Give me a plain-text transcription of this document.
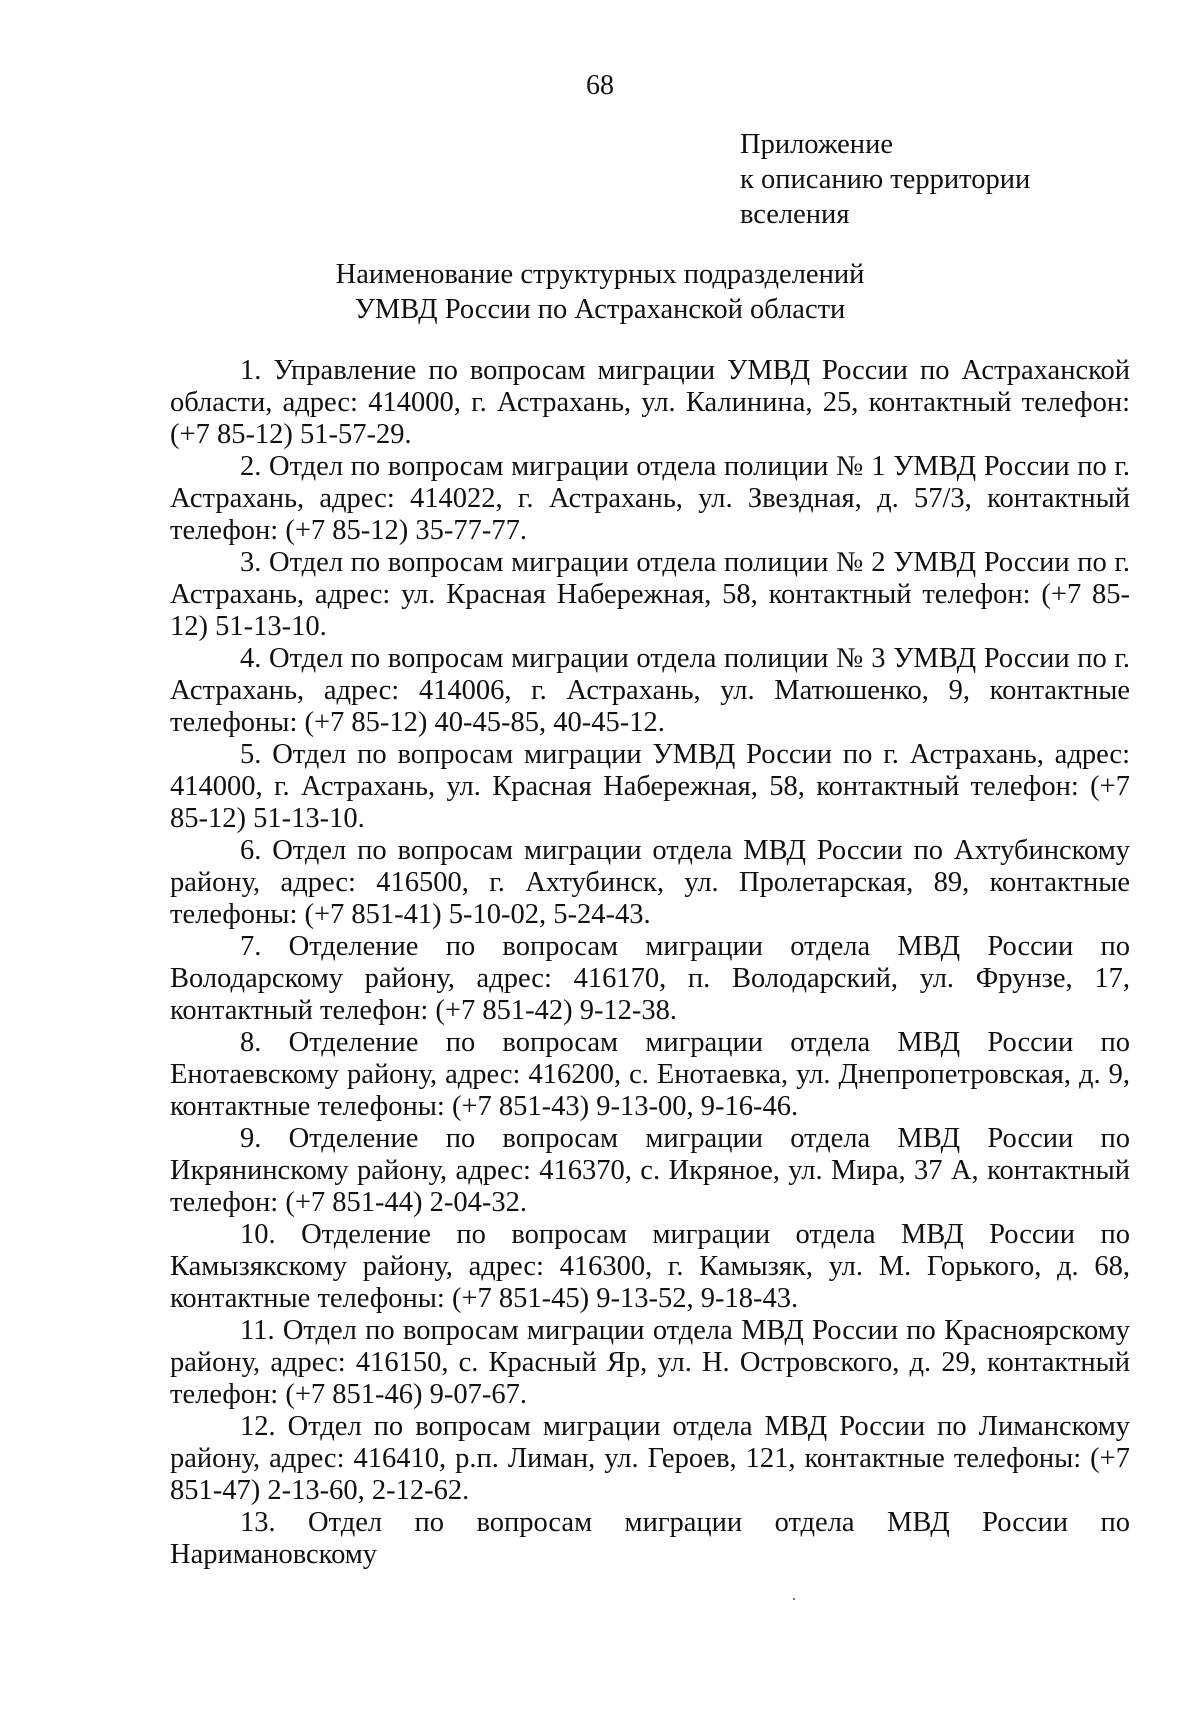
68
Приложение
к описанию территории
вселения
Наименование структурных подразделений
УМВД России по Астраханской области

1. Управление по вопросам миграции УМВД России по Астраханской области, адрес: 414000, г. Астрахань, ул. Калинина, 25, контактный телефон: (+7 85-12) 51-57-29.

2. Отдел по вопросам миграции отдела полиции № 1 УМВД России по г. Астрахань, адрес: 414022, г. Астрахань, ул. Звездная, д. 57/3, контактный телефон: (+7 85-12) 35-77-77.

3. Отдел по вопросам миграции отдела полиции № 2 УМВД России по г. Астрахань, адрес: ул. Красная Набережная, 58, контактный телефон: (+7 85-12) 51-13-10.

4. Отдел по вопросам миграции отдела полиции № 3 УМВД России по г. Астрахань, адрес: 414006, г. Астрахань, ул. Матюшенко, 9, контактные телефоны: (+7 85-12) 40-45-85, 40-45-12.

5. Отдел по вопросам миграции УМВД России по г. Астрахань, адрес: 414000, г. Астрахань, ул. Красная Набережная, 58, контактный телефон: (+7 85-12) 51-13-10.

6. Отдел по вопросам миграции отдела МВД России по Ахтубинскому району, адрес: 416500, г. Ахтубинск, ул. Пролетарская, 89, контактные телефоны: (+7 851-41) 5-10-02, 5-24-43.

7. Отделение по вопросам миграции отдела МВД России по Володарскому району, адрес: 416170, п. Володарский, ул. Фрунзе, 17, контактный телефон: (+7 851-42) 9-12-38.

8. Отделение по вопросам миграции отдела МВД России по Енотаевскому району, адрес: 416200, с. Енотаевка, ул. Днепропетровская, д. 9, контактные телефоны: (+7 851-43) 9-13-00, 9-16-46.

9. Отделение по вопросам миграции отдела МВД России по Икрянинскому району, адрес: 416370, с. Икряное, ул. Мира, 37 А, контактный телефон: (+7 851-44) 2-04-32.

10. Отделение по вопросам миграции отдела МВД России по Камызякскому району, адрес: 416300, г. Камызяк, ул. М. Горького, д. 68, контактные телефоны: (+7 851-45) 9-13-52, 9-18-43.

11. Отдел по вопросам миграции отдела МВД России по Красноярскому району, адрес: 416150, с. Красный Яр, ул. Н. Островского, д. 29, контактный телефон: (+7 851-46) 9-07-67.

12. Отдел по вопросам миграции отдела МВД России по Лиманскому району, адрес: 416410, р.п. Лиман, ул. Героев, 121, контактные телефоны: (+7 851-47) 2-13-60, 2-12-62.

13. Отдел по вопросам миграции отдела МВД России по Наримановскому
